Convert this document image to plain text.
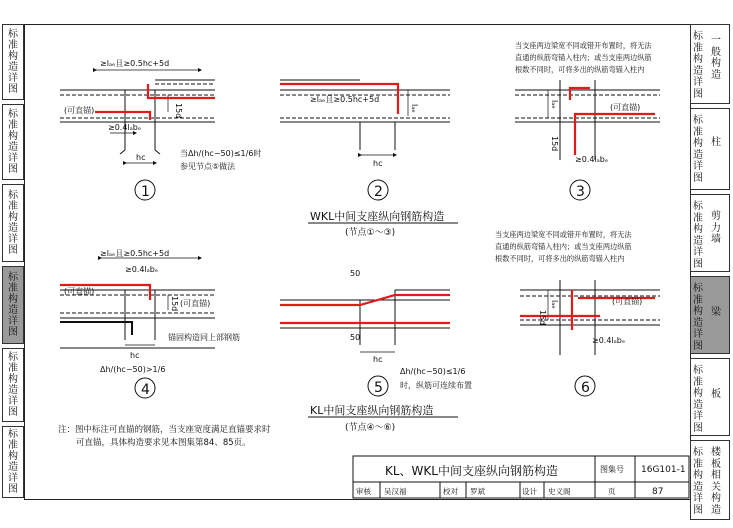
标准构造详图
标准构造详图
标准构造详图
标准构造详图
标准构造详图
标准构造详图
标准构造详图
一般构造
标准构造详图
柱
标准构造详图
剪力墙
标准构造详图
梁
标准构造详图
板
标准构造详图
楼板相关构造
≥lₐₑ且≥0.5hc+5d
15d
(可直锚)
≥0.4lₐbₑ
hc	当Δh/(hc−50)≤1/6时
参见节点⑤做法
1
≥lₐₑ且≥0.5hc+5d
lₐₑ
hc
2
当支座两边梁宽不同或错开布置时，将无法
直通的纵筋弯锚入柱内；或当支座两边纵筋
根数不同时，可将多出的纵筋弯锚入柱内
lₐₑ	(可直锚)
15d
≥0.4lₐbₑ
3
WKL中间支座纵向钢筋构造
(节点①～③)
≥lₐₑ且≥0.5hc+5d
≥0.4lₐbₑ
(可直锚)
(可直锚)
15d
hc
锚固构造同上部钢筋
Δh/(hc−50)>1/6
4
50
50
hc
Δh/(hc−50)≤1/6
时，纵筋可连续布置
5
当支座两边梁宽不同或错开布置时，将无法
直通的纵筋弯锚入柱内；或当支座两边纵筋
根数不同时，可将多出的纵筋弯锚入柱内
lₐₑ
15d
(可直锚)
≥0.4lₐbₑ
6
KL中间支座纵向钢筋构造
(节点④～⑥)
KL、WKL中间支座纵向钢筋构造	图集号 16G101-1
审核 吴汉福	校对 罗斌	设计 史义阁	页	87
注：图中标注可直锚的钢筋，当支座宽度满足直锚要求时
可直锚，具体构造要求见本图集第84、85页。
